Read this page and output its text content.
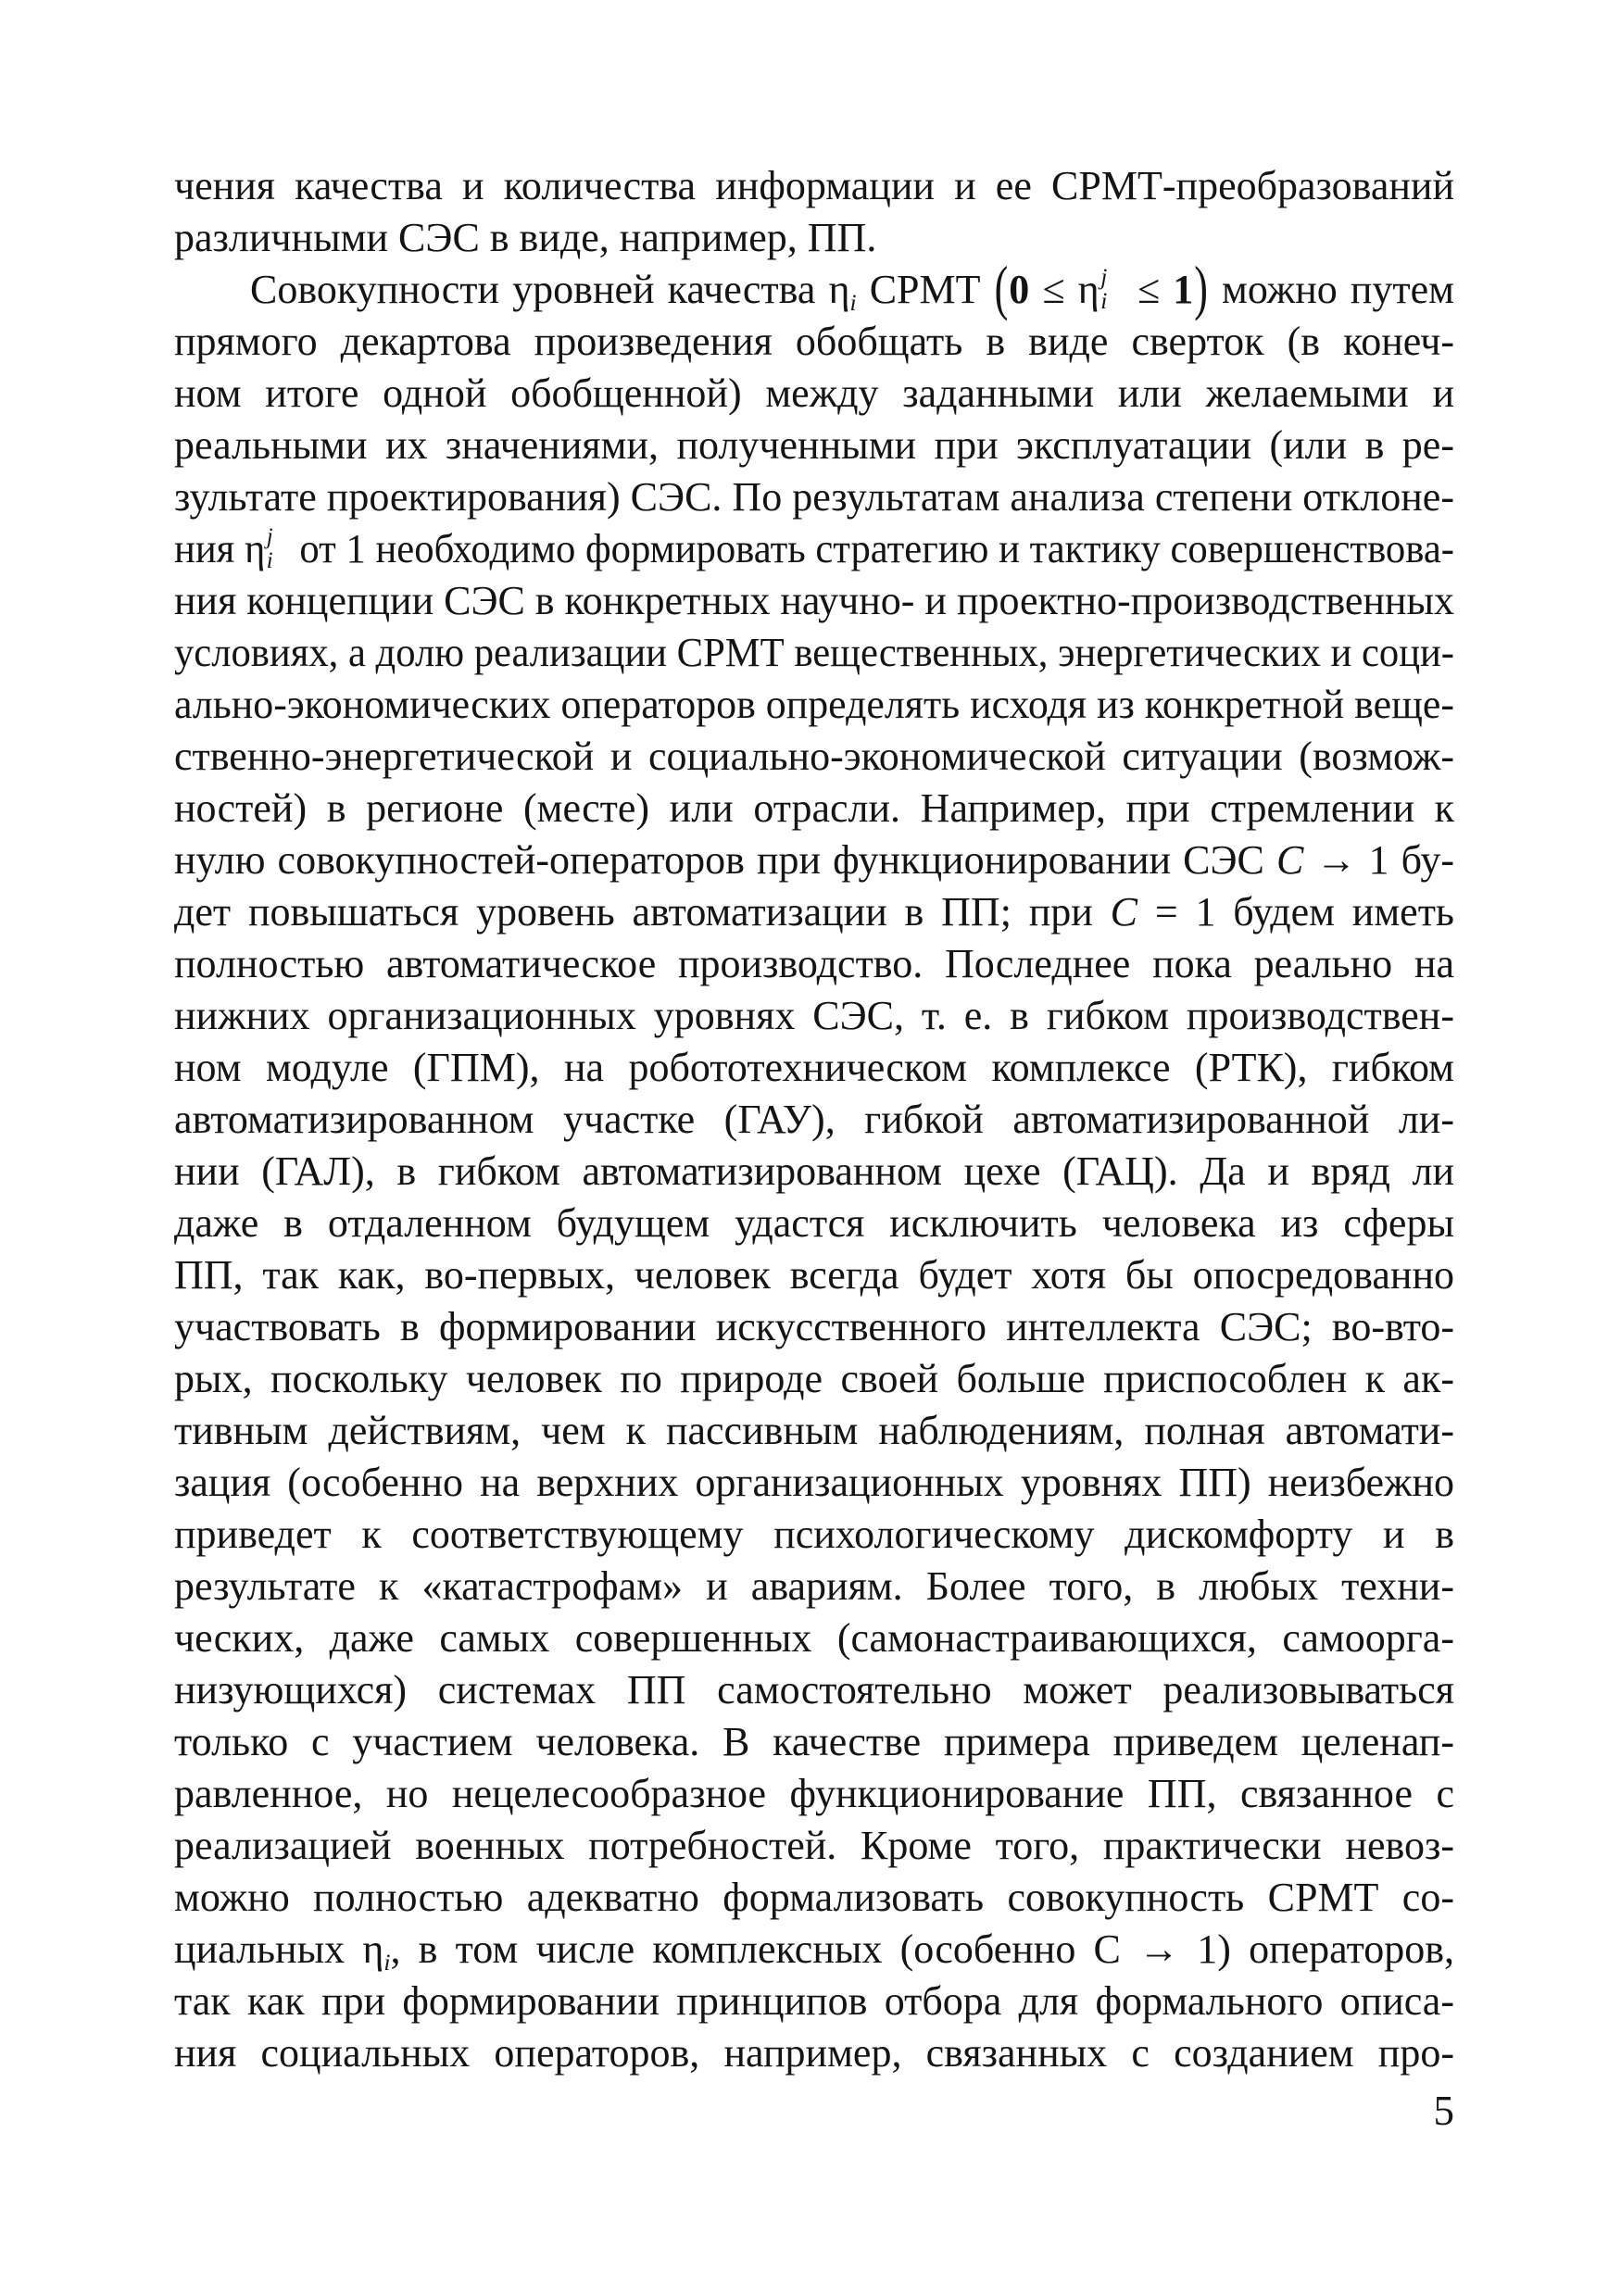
чения качества и количества информации и ее СРМТ-преобразований
различными СЭС в виде, например, ПП.
Совокупности уровней качества ηi СРМТ (0 ≤ η j
i ≤ 1) можно путем
прямого декартова произведения обобщать в виде сверток (в конеч-
ном итоге одной обобщенной) между заданными или желаемыми и
реальными их значениями, полученными при эксплуатации (или в ре-
зультате проектирования) СЭС. По результатам анализа степени отклоне-
ния η j
i от 1 необходимо формировать стратегию и тактику совершенствова-
ния концепции СЭС в конкретных научно- и проектно-производственных
условиях, а долю реализации СРМТ вещественных, энергетических и соци-
ально-экономических операторов определять исходя из конкретной веще-
ственно-энергетической и социально-экономической ситуации (возмож-
ностей) в регионе (месте) или отрасли. Например, при стремлении к
нулю совокупностей-операторов при функционировании СЭС C → 1 бу-
дет повышаться уровень автоматизации в ПП; при C = 1 будем иметь
полностью автоматическое производство. Последнее пока реально на
нижних организационных уровнях СЭС, т. е. в гибком производствен-
ном модуле (ГПМ), на робототехническом комплексе (РТК), гибком
автоматизированном участке (ГАУ), гибкой автоматизированной ли-
нии (ГАЛ), в гибком автоматизированном цехе (ГАЦ). Да и вряд ли
даже в отдаленном будущем удастся исключить человека из сферы
ПП, так как, во-первых, человек всегда будет хотя бы опосредованно
участвовать в формировании искусственного интеллекта СЭС; во-вто-
рых, поскольку человек по природе своей больше приспособлен к ак-
тивным действиям, чем к пассивным наблюдениям, полная автомати-
зация (особенно на верхних организационных уровнях ПП) неизбежно
приведет к соответствующему психологическому дискомфорту и в
результате к «катастрофам» и авариям. Более того, в любых техни-
ческих, даже самых совершенных (самонастраивающихся, самоорга-
низующихся) системах ПП самостоятельно может реализовываться
только с участием человека. В качестве примера приведем целенап-
равленное, но нецелесообразное функционирование ПП, связанное с
реализацией военных потребностей. Кроме того, практически невоз-
можно полностью адекватно формализовать совокупность СРМТ со-
циальных ηi, в том числе комплексных (особенно С → 1) операторов,
так как при формировании принципов отбора для формального описа-
ния социальных операторов, например, связанных с созданием про-
5
